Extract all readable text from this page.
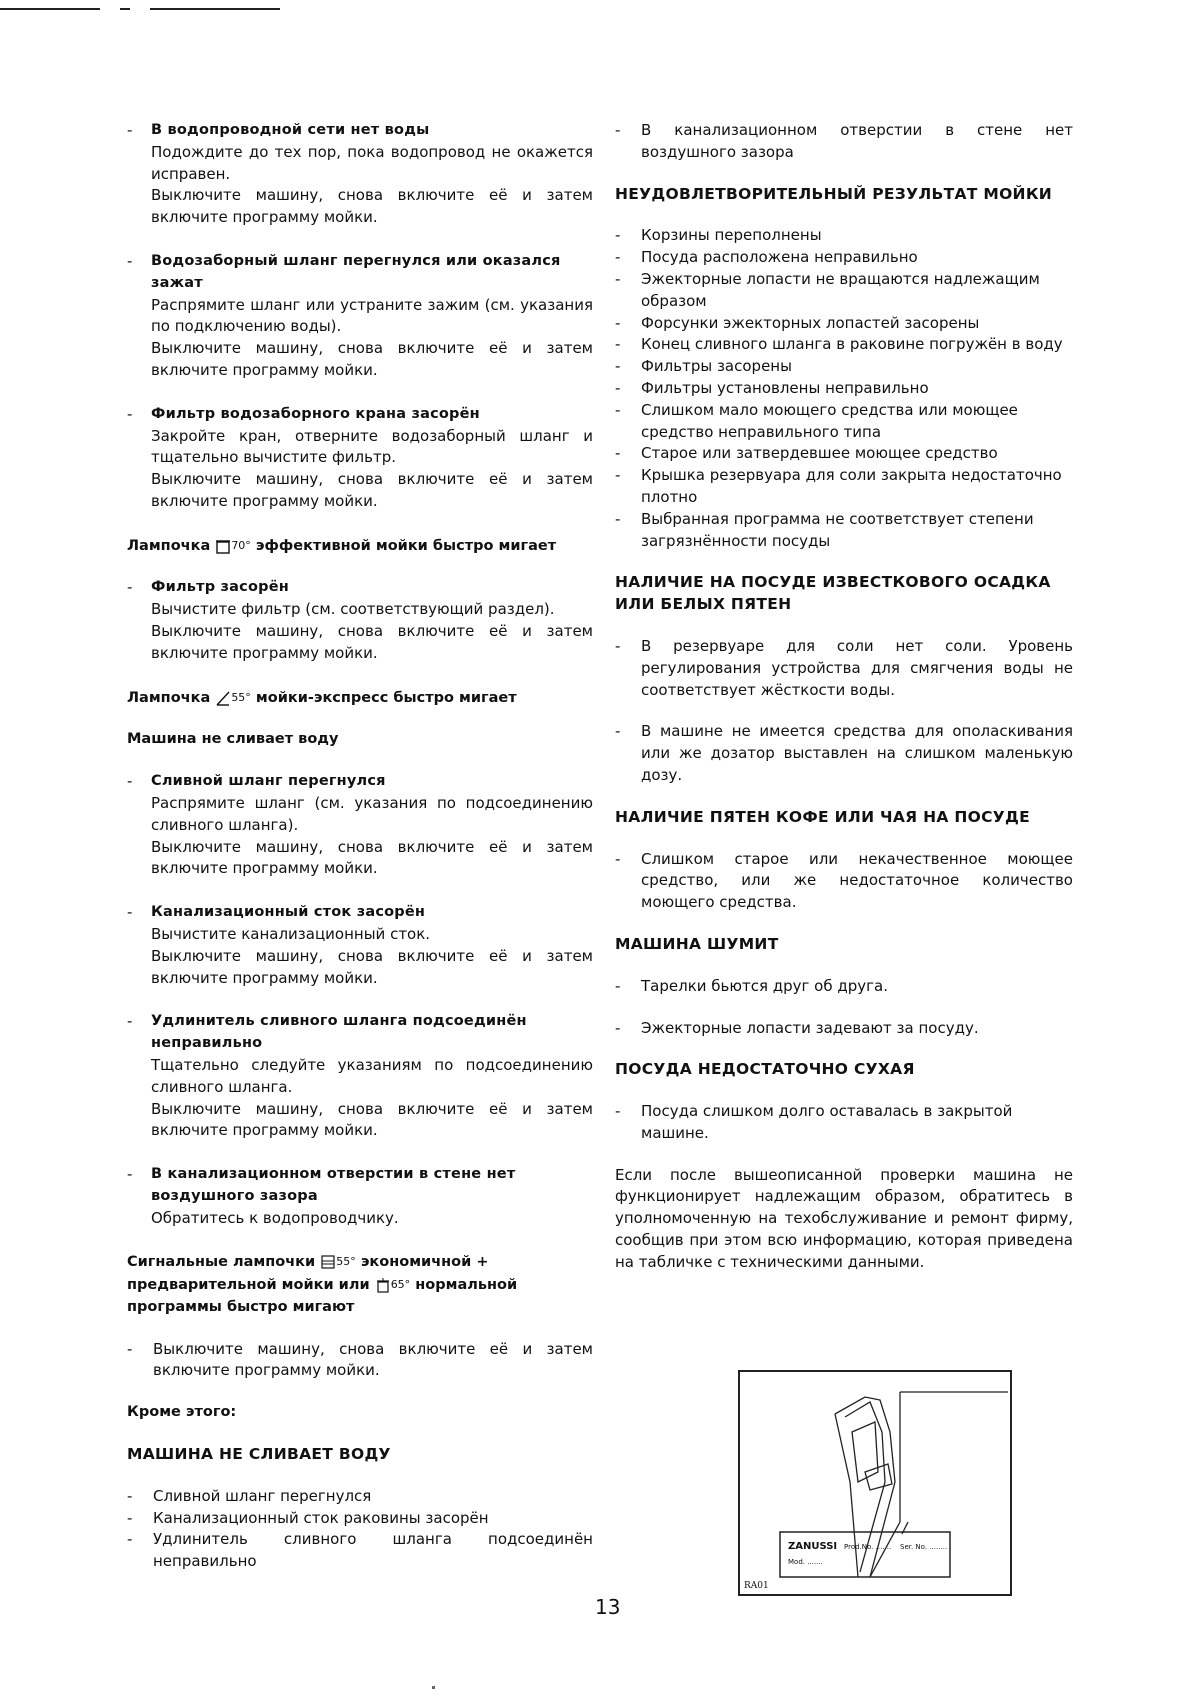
-	В водопроводной сети нет воды

Подождите до тех пор, пока водопровод не окажется исправен.

Выключите машину, снова включите её и затем включите программу мойки.

-	Водозаборный шланг перегнулся или оказался зажат

Распрямите шланг или устраните зажим (см. указания по подключению воды).

Выключите машину, снова включите её и затем включите программу мойки.

-	Фильтр водозаборного крана засорён

Закройте кран, отверните водозаборный шланг и тщательно вычистите фильтр.

Выключите машину, снова включите её и затем включите программу мойки.

Лампочка 70° эффективной мойки быстро мигает
-	Фильтр засорён

Вычистите фильтр (см. соответствующий раздел).

Выключите машину, снова включите её и затем включите программу мойки.

Лампочка 55° мойки-экспресс быстро мигает
Машина не сливает воду
-	Сливной шланг перегнулся

Распрямите шланг (см. указания по подсоединению сливного шланга).

Выключите машину, снова включите её и затем включите программу мойки.

-	Канализационный сток засорён

Вычистите канализационный сток.

Выключите машину, снова включите её и затем включите программу мойки.

-	Удлинитель сливного шланга подсоединён неправильно

Тщательно следуйте указаниям по подсоединению сливного шланга.

Выключите машину, снова включите её и затем включите программу мойки.

-	В канализационном отверстии в стене нет воздушного зазора

Обратитесь к водопроводчику.

Сигнальные лампочки 55° экономичной + предварительной мойки или 65° нормальной программы быстро мигают
-	Выключите машину, снова включите её и затем включите программу мойки.
Кроме этого:
МАШИНА НЕ СЛИВАЕТ ВОДУ
-	Сливной шланг перегнулся
-	Канализационный сток раковины засорён
-	Удлинитель сливного шланга подсоединён неправильно
-	В канализационном отверстии в стене нет воздушного зазора
НЕУДОВЛЕТВОРИТЕЛЬНЫЙ РЕЗУЛЬТАТ МОЙКИ
-	Корзины переполнены
-	Посуда расположена неправильно
-	Эжекторные лопасти не вращаются надлежащим образом
-	Форсунки эжекторных лопастей засорены
-	Конец сливного шланга в раковине погружён в воду
-	Фильтры засорены
-	Фильтры установлены неправильно
-	Слишком мало моющего средства или моющее средство неправильного типа
-	Старое или затвердевшее моющее средство
-	Крышка резервуара для соли закрыта недостаточно плотно
-	Выбранная программа не соответствует степени загрязнённости посуды
НАЛИЧИЕ НА ПОСУДЕ ИЗВЕСТКОВОГО ОСАДКА ИЛИ БЕЛЫХ ПЯТЕН
-	В резервуаре для соли нет соли. Уровень регулирования устройства для смягчения воды не соответствует жёсткости воды.
-	В машине не имеется средства для ополаскивания или же дозатор выставлен на слишком маленькую дозу.
НАЛИЧИЕ ПЯТЕН КОФЕ ИЛИ ЧАЯ НА ПОСУДЕ
-	Слишком старое или некачественное моющее средство, или же недостаточное количество моющего средства.
МАШИНА ШУМИТ
-	Тарелки бьются друг об друга.
-	Эжекторные лопасти задевают за посуду.
ПОСУДА НЕДОСТАТОЧНО СУХАЯ
-	Посуда слишком долго оставалась в закрытой машине.

Если после вышеописанной проверки машина не функционирует надлежащим образом, обратитесь в уполномоченную на техобслуживание и ремонт фирму, сообщив при этом всю информацию, которая приведена на табличке с техническими данными.

ZANUSSI Prod.No. ....... Ser. No. ........
Mod. .......
RA01
13
